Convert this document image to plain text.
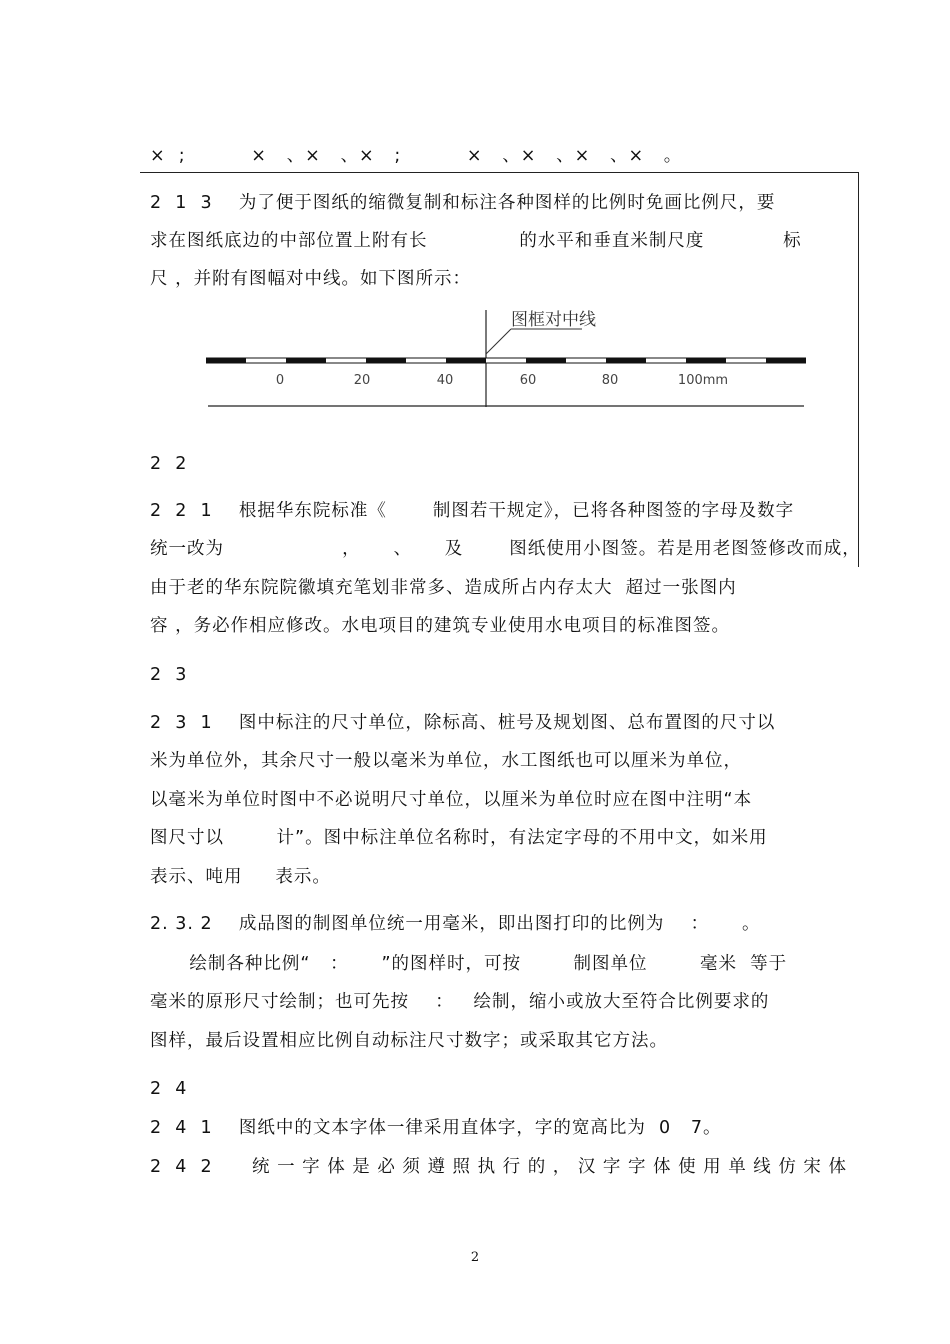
×  ;          ×   、×   、×   ;          ×   、×   、×   、×   。
2  1  3    为了便于图纸的缩微复制和标注各种图样的比例时免画比例尺，要
求在图纸底边的中部位置上附有长              的水平和垂直米制尺度            标
尺 ，并附有图幅对中线。如下图所示：
2  2
2  2  1    根据华东院标准《       制图若干规定》，已将各种图签的字母及数字
统一改为                  ，     、     及       图纸使用小图签。若是用老图签修改而成，
由于老的华东院院徽填充笔划非常多、造成所占内存太大  超过一张图内
容 ，务必作相应修改。水电项目的建筑专业使用水电项目的标准图签。
2  3
2  3  1    图中标注的尺寸单位，除标高、桩号及规划图、总布置图的尺寸以
米为单位外，其余尺寸一般以毫米为单位，水工图纸也可以厘米为单位，
以毫米为单位时图中不必说明尺寸单位，以厘米为单位时应在图中注明“本
图尺寸以        计”。图中标注单位名称时，有法定字母的不用中文，如米用
表示、吨用     表示。
2. 3. 2    成品图的制图单位统一用毫米，即出图打印的比例为    ：     。
绘制各种比例“   ：     ”的图样时，可按        制图单位        毫米  等于
毫米的原形尺寸绘制；也可先按    ：   绘制，缩小或放大至符合比例要求的
图样，最后设置相应比例自动标注尺寸数字；或采取其它方法。
2  4
2  4  1    图纸中的文本字体一律采用直体字，字的宽高比为  0   7。
2  4  2      统 一 字 体 是 必 须 遵 照 执 行 的 ， 汉 字 字 体 使 用 单 线 仿 宋 体
图框对中线
0	20	40	60	80	100mm
2
